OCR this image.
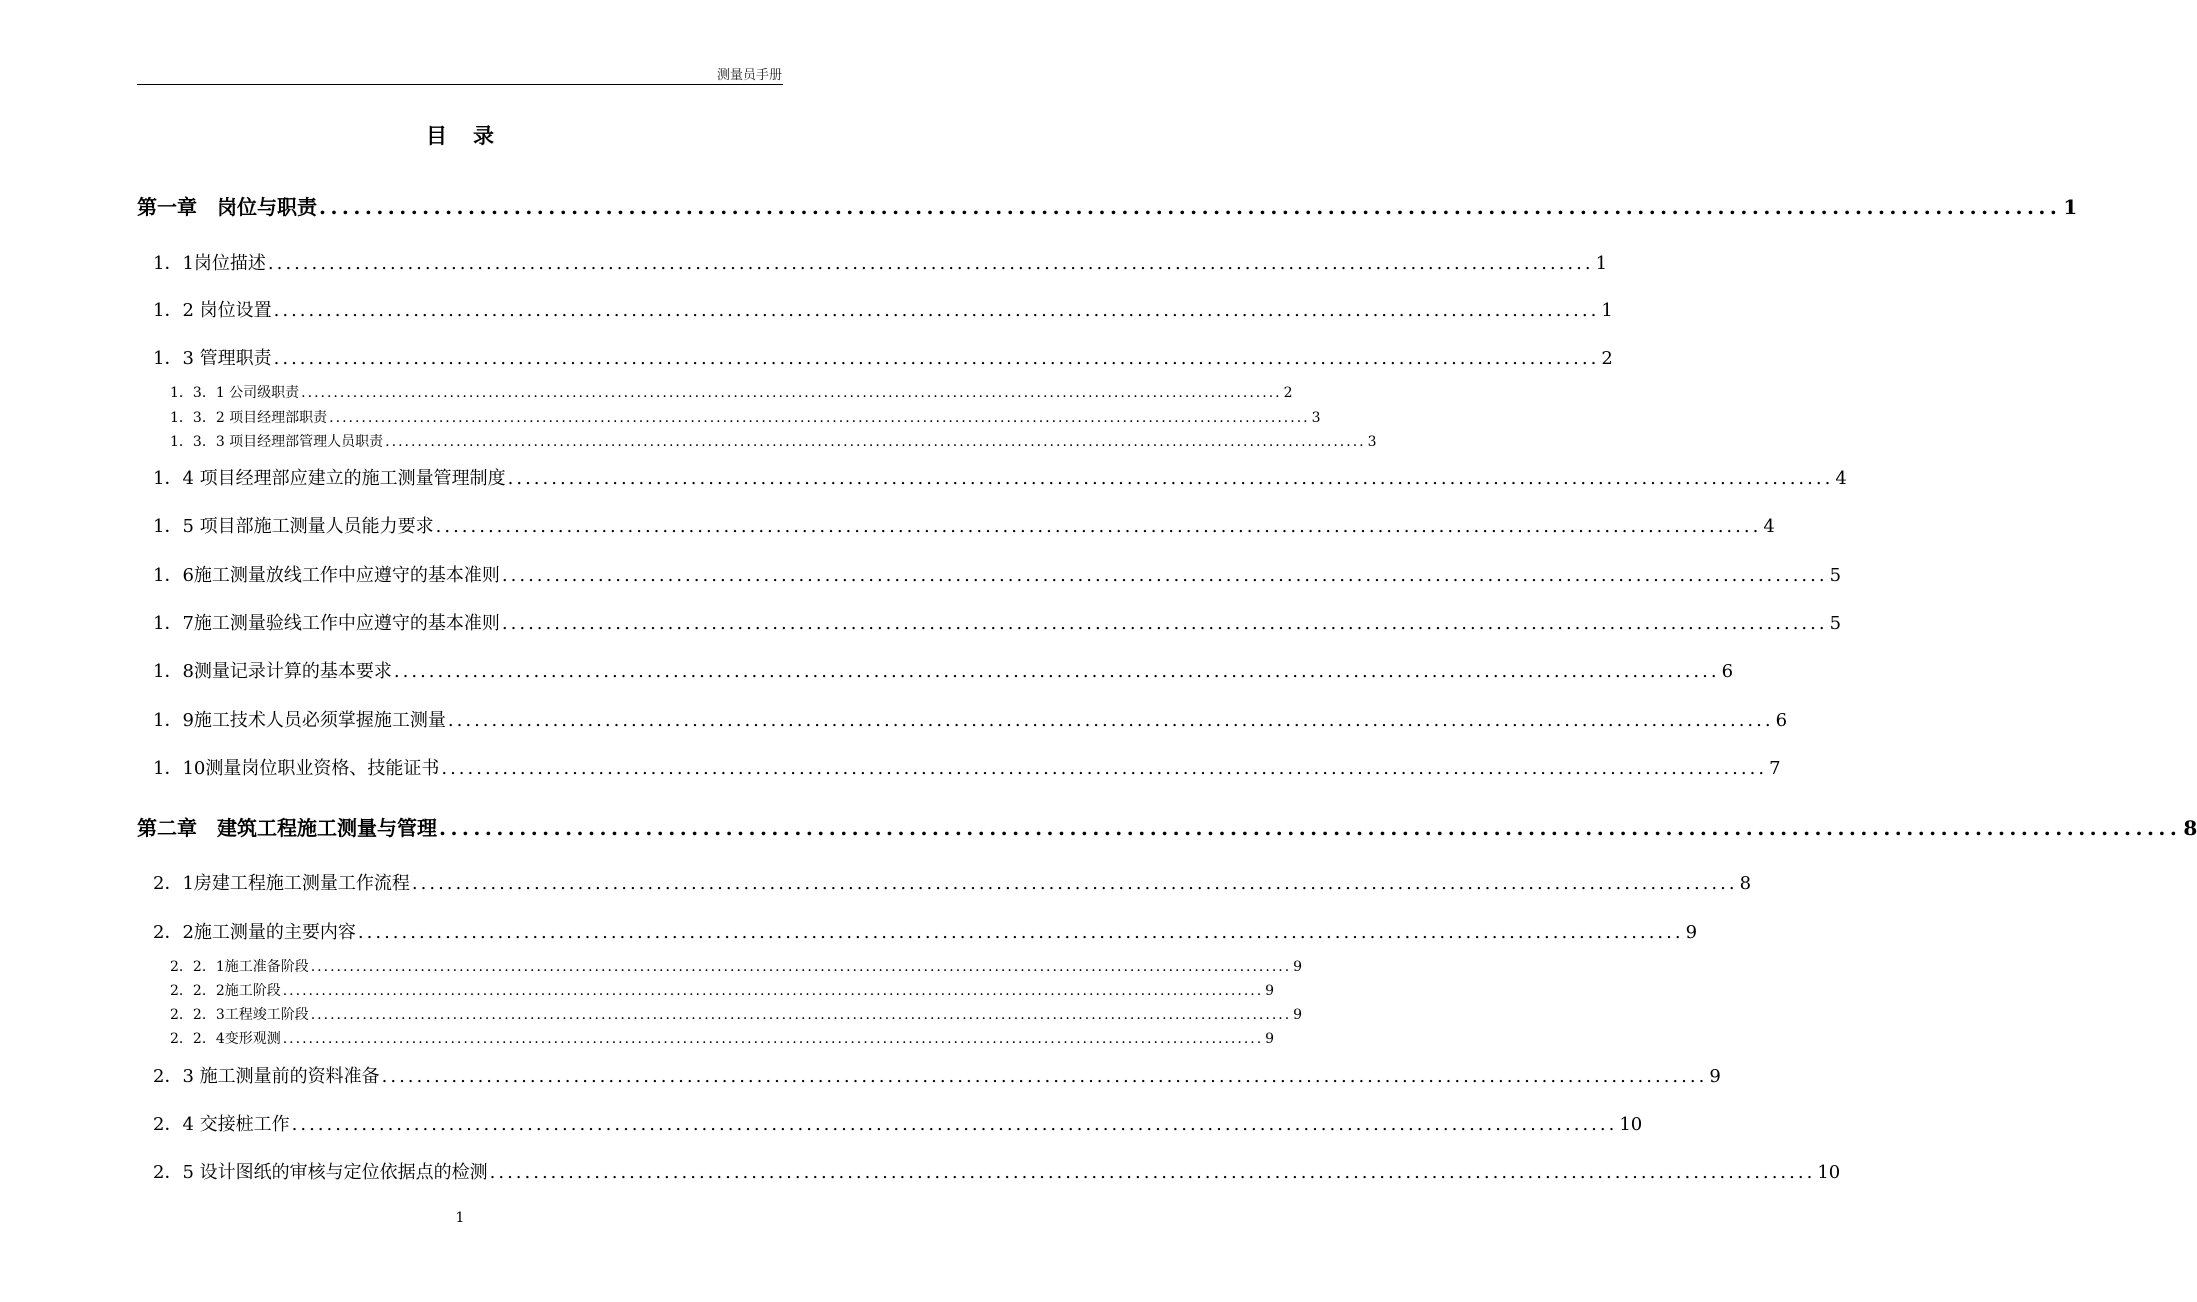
测量员手册
目录
第一章　岗位与职责 ........................................................................................................................................................ 1
1．1岗位描述 ........................................................................................................................................................ 1
1．2 岗位设置 ........................................................................................................................................................ 1
1．3 管理职责 ........................................................................................................................................................ 2
1．3．1 公司级职责 ........................................................................................................................................................ 2
1．3．2 项目经理部职责 ........................................................................................................................................................ 3
1．3．3 项目经理部管理人员职责 ........................................................................................................................................................ 3
1．4 项目经理部应建立的施工测量管理制度 ........................................................................................................................................................ 4
1．5 项目部施工测量人员能力要求 ........................................................................................................................................................ 4
1．6施工测量放线工作中应遵守的基本准则 ........................................................................................................................................................ 5
1．7施工测量验线工作中应遵守的基本准则 ........................................................................................................................................................ 5
1．8测量记录计算的基本要求 ........................................................................................................................................................ 6
1．9施工技术人员必须掌握施工测量 ........................................................................................................................................................ 6
1．10测量岗位职业资格、技能证书 ........................................................................................................................................................ 7
第二章　建筑工程施工测量与管理 ........................................................................................................................................................ 8
2．1房建工程施工测量工作流程 ........................................................................................................................................................ 8
2．2施工测量的主要内容 ........................................................................................................................................................ 9
2．2．1施工准备阶段 ........................................................................................................................................................ 9
2．2．2施工阶段 ........................................................................................................................................................ 9
2．2．3工程竣工阶段 ........................................................................................................................................................ 9
2．2．4变形观测 ........................................................................................................................................................ 9
2．3 施工测量前的资料准备 ........................................................................................................................................................ 9
2．4 交接桩工作 ........................................................................................................................................................ 10
2．5 设计图纸的审核与定位依据点的检测 ........................................................................................................................................................ 10
1
